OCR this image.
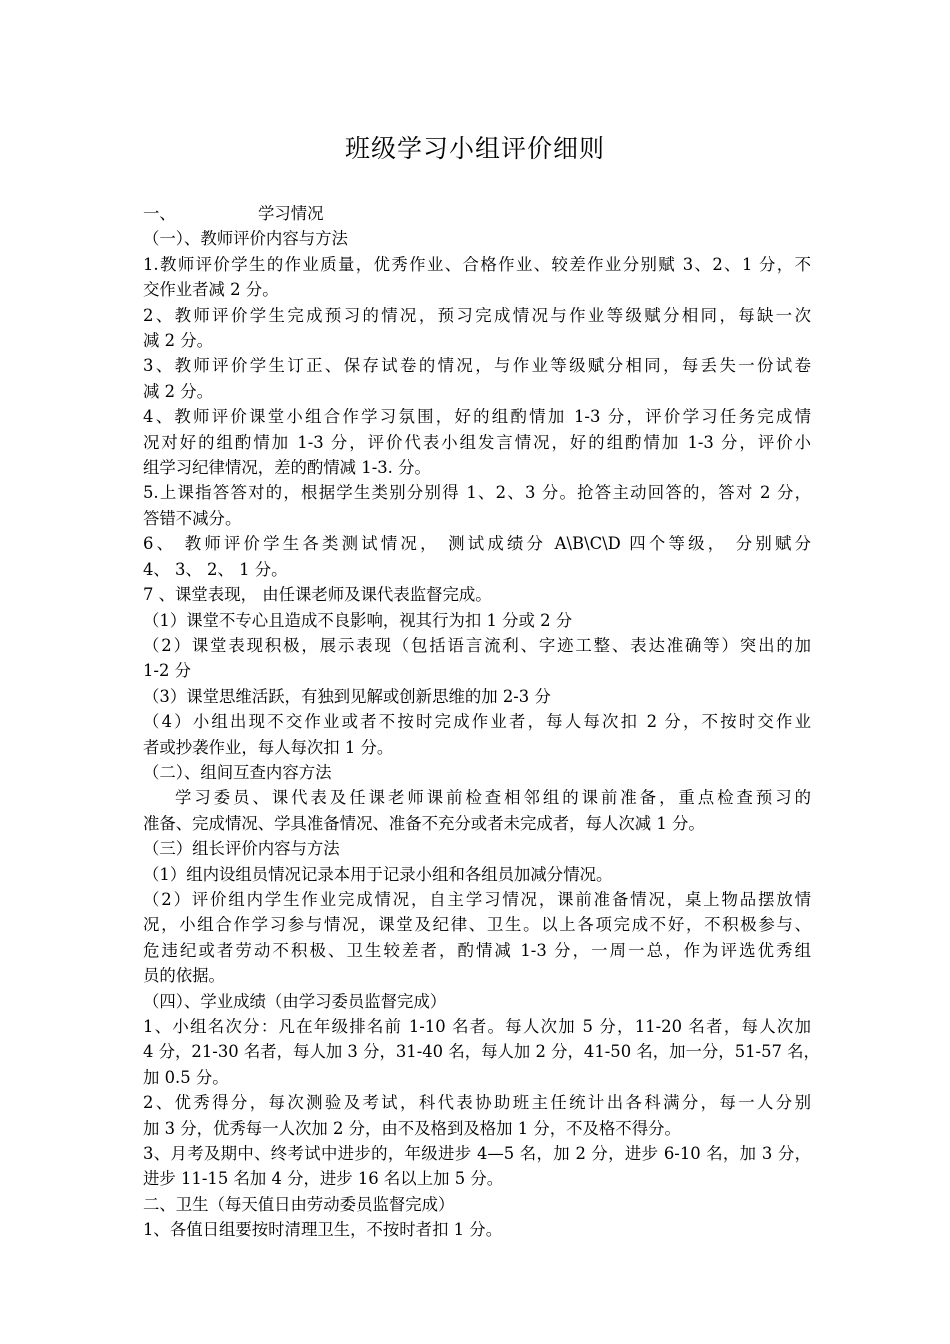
班级学习小组评价细则
一、	学习情况
（一）、教师评价内容与方法
1.教师评价学生的作业质量，优秀作业、合格作业、较差作业分别赋 3、2、1 分，不
交作业者减 2 分。
2、教师评价学生完成预习的情况，预习完成情况与作业等级赋分相同，每缺一次
减 2 分。
3、教师评价学生订正、保存试卷的情况，与作业等级赋分相同，每丢失一份试卷
减 2 分。
4、教师评价课堂小组合作学习氛围，好的组酌情加 1-3 分，评价学习任务完成情
况对好的组酌情加 1-3 分，评价代表小组发言情况，好的组酌情加 1-3 分，评价小
组学习纪律情况，差的酌情减 1-3. 分。
5.上课指答答对的，根据学生类别分别得 1、2、3 分。抢答主动回答的，答对 2 分，
答错不减分。
6、 教师评价学生各类测试情况， 测试成绩分 A\B\C\D 四个等级， 分别赋分
4、 3、 2、 1 分。
7 、课堂表现， 由任课老师及课代表监督完成。
（1）课堂不专心且造成不良影响，视其行为扣 1 分或 2 分
（2）课堂表现积极，展示表现（包括语言流利、字迹工整、表达准确等）突出的加
1-2 分
（3）课堂思维活跃，有独到见解或创新思维的加 2-3 分
（4）小组出现不交作业或者不按时完成作业者，每人每次扣 2 分，不按时交作业
者或抄袭作业，每人每次扣 1 分。
（二）、组间互查内容方法
学习委员、课代表及任课老师课前检查相邻组的课前准备，重点检查预习的
准备、完成情况、学具准备情况、准备不充分或者未完成者，每人次减 1 分。
（三）组长评价内容与方法
（1）组内设组员情况记录本用于记录小组和各组员加减分情况。
（2）评价组内学生作业完成情况，自主学习情况，课前准备情况，桌上物品摆放情
况，小组合作学习参与情况，课堂及纪律、卫生。以上各项完成不好，不积极参与、
危违纪或者劳动不积极、卫生较差者，酌情减 1-3 分，一周一总，作为评选优秀组
员的依据。
（四）、学业成绩（由学习委员监督完成）
1、小组名次分：凡在年级排名前 1-10 名者。每人次加 5 分，11-20 名者，每人次加
4 分，21-30 名者，每人加 3 分，31-40 名，每人加 2 分，41-50 名，加一分，51-57 名，
加 0.5 分。
2、优秀得分，每次测验及考试，科代表协助班主任统计出各科满分，每一人分别
加 3 分，优秀每一人次加 2 分，由不及格到及格加 1 分，不及格不得分。
3、月考及期中、终考试中进步的，年级进步 4—5 名，加 2 分，进步 6-10 名，加 3 分，
进步 11-15 名加 4 分，进步 16 名以上加 5 分。
二、卫生（每天值日由劳动委员监督完成）
1、各值日组要按时清理卫生，不按时者扣 1 分。
